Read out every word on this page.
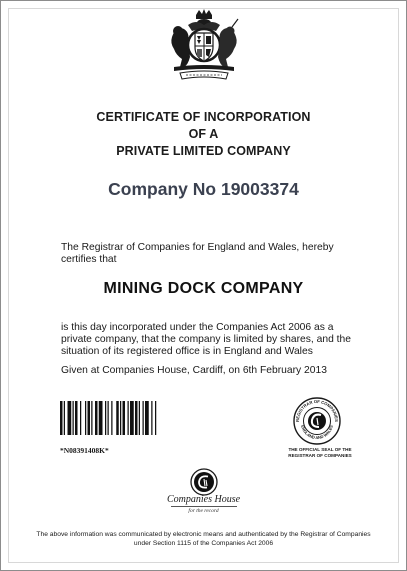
CERTIFICATE OF INCORPORATION
OF A
PRIVATE LIMITED COMPANY
Company No 19003374
The Registrar of Companies for England and Wales, hereby certifies that
MINING DOCK COMPANY
is this day incorporated under the Companies Act 2006 as a private company, that the company is limited by shares, and the situation of its registered office is in England and Wales
Given at Companies House, Cardiff, on 6th February 2013
*N08391408K*
REGISTRAR OF COMPANIES
ENGLAND AND WALES
THE OFFICIAL SEAL OF THE REGISTRAR OF COMPANIES
Companies House
for the record
The above information was communicated by electronic means and authenticated by the Registrar of Companies under Section 1115 of the Companies Act 2006
